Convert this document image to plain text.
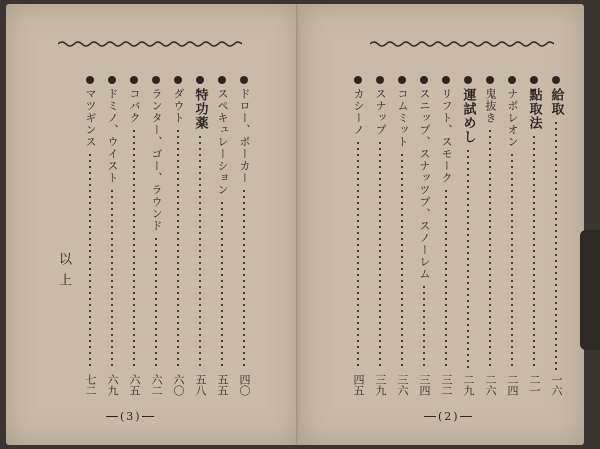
ドロー、ポーカー
四〇
スペキュレーション
五五
特功薬
五八
ダウト
六〇
ランター、ゴー、ラウンド
六二
コバク
六五
ドミノ、ウイスト
六九
マツギンス
七二
以上
( 3 )
給取
一六
點取法
二一
ナポレオン
二四
鬼抜き
二六
運試めし
二九
リフト、スモーク
三二
スニップ、スナッツプ、スノーレム
三四
コムミット
三六
スナップ
三九
カシーノ
四五
( 2 )
